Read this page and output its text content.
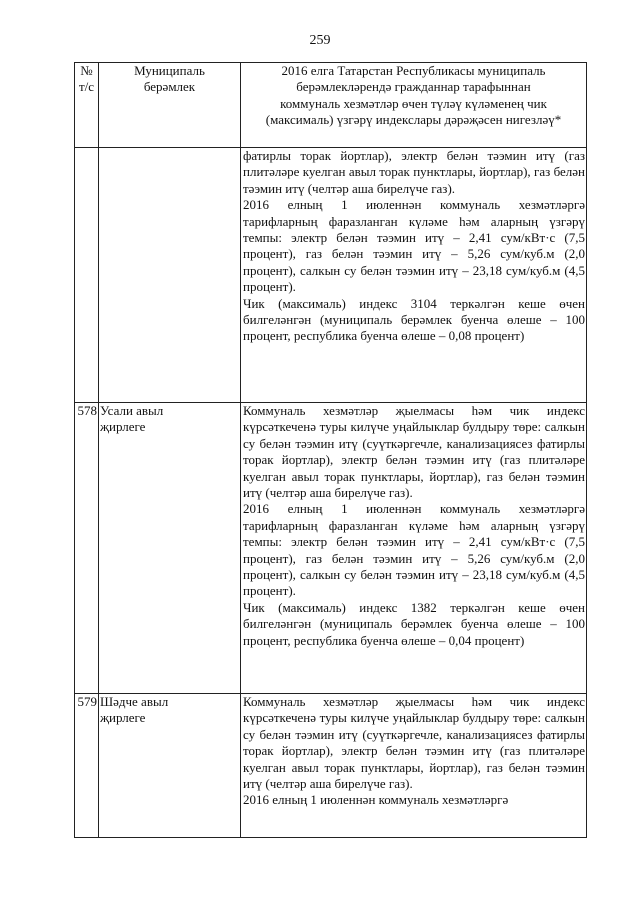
259
№
т/с	Муниципаль
берәмлек	2016 елга Татарстан Республикасы муниципаль
берәмлекләрендә гражданнар тарафыннан
коммуналь хезмәтләр өчен түләү күләменең чик
(максималь) үзгәрү индекслары дәрәҗәсен нигезләү*

		фатирлы торак йортлар), электр белән тәэмин итү (газ плитәләре куелган авыл торак пунктлары, йортлар), газ белән тәэмин итү (челтәр аша бирелүче газ).
2016 елның 1 июленнән коммуналь хезмәтләргә тарифларның фаразланган күләме һәм аларның үзгәрү темпы: электр белән тәэмин итү – 2,41 сум/кВт·с (7,5 процент), газ белән тәэмин итү – 5,26 сум/куб.м (2,0 процент), салкын су белән тәэмин итү – 23,18 сум/куб.м (4,5 процент).
Чик (максималь) индекс 3104 теркәлгән кеше өчен билгеләнгән (муниципаль берәмлек буенча өлеше – 100 процент, республика буенча өлеше – 0,08 процент)

578	Усали авыл
җирлеге	Коммуналь хезмәтләр җыелмасы һәм чик индекс күрсәткеченә туры килүче уңайлыклар булдыру төре: салкын су белән тәэмин итү (суүткәргечле, канализациясез фатирлы торак йортлар), электр белән тәэмин итү (газ плитәләре куелган авыл торак пунктлары, йортлар), газ белән тәэмин итү (челтәр аша бирелүче газ).
2016 елның 1 июленнән коммуналь хезмәтләргә тарифларның фаразланган күләме һәм аларның үзгәрү темпы: электр белән тәэмин итү – 2,41 сум/кВт·с (7,5 процент), газ белән тәэмин итү – 5,26 сум/куб.м (2,0 процент), салкын су белән тәэмин итү – 23,18 сум/куб.м (4,5 процент).
Чик (максималь) индекс 1382 теркәлгән кеше өчен билгеләнгән (муниципаль берәмлек буенча өлеше – 100 процент, республика буенча өлеше – 0,04 процент)

579	Шәдче авыл
җирлеге	Коммуналь хезмәтләр җыелмасы һәм чик индекс күрсәткеченә туры килүче уңайлыклар булдыру төре: салкын су белән тәэмин итү (суүткәргечле, канализациясез фатирлы торак йортлар), электр белән тәэмин итү (газ плитәләре куелган авыл торак пунктлары, йортлар), газ белән тәэмин итү (челтәр аша бирелүче газ).
2016 елның 1 июленнән коммуналь хезмәтләргә
